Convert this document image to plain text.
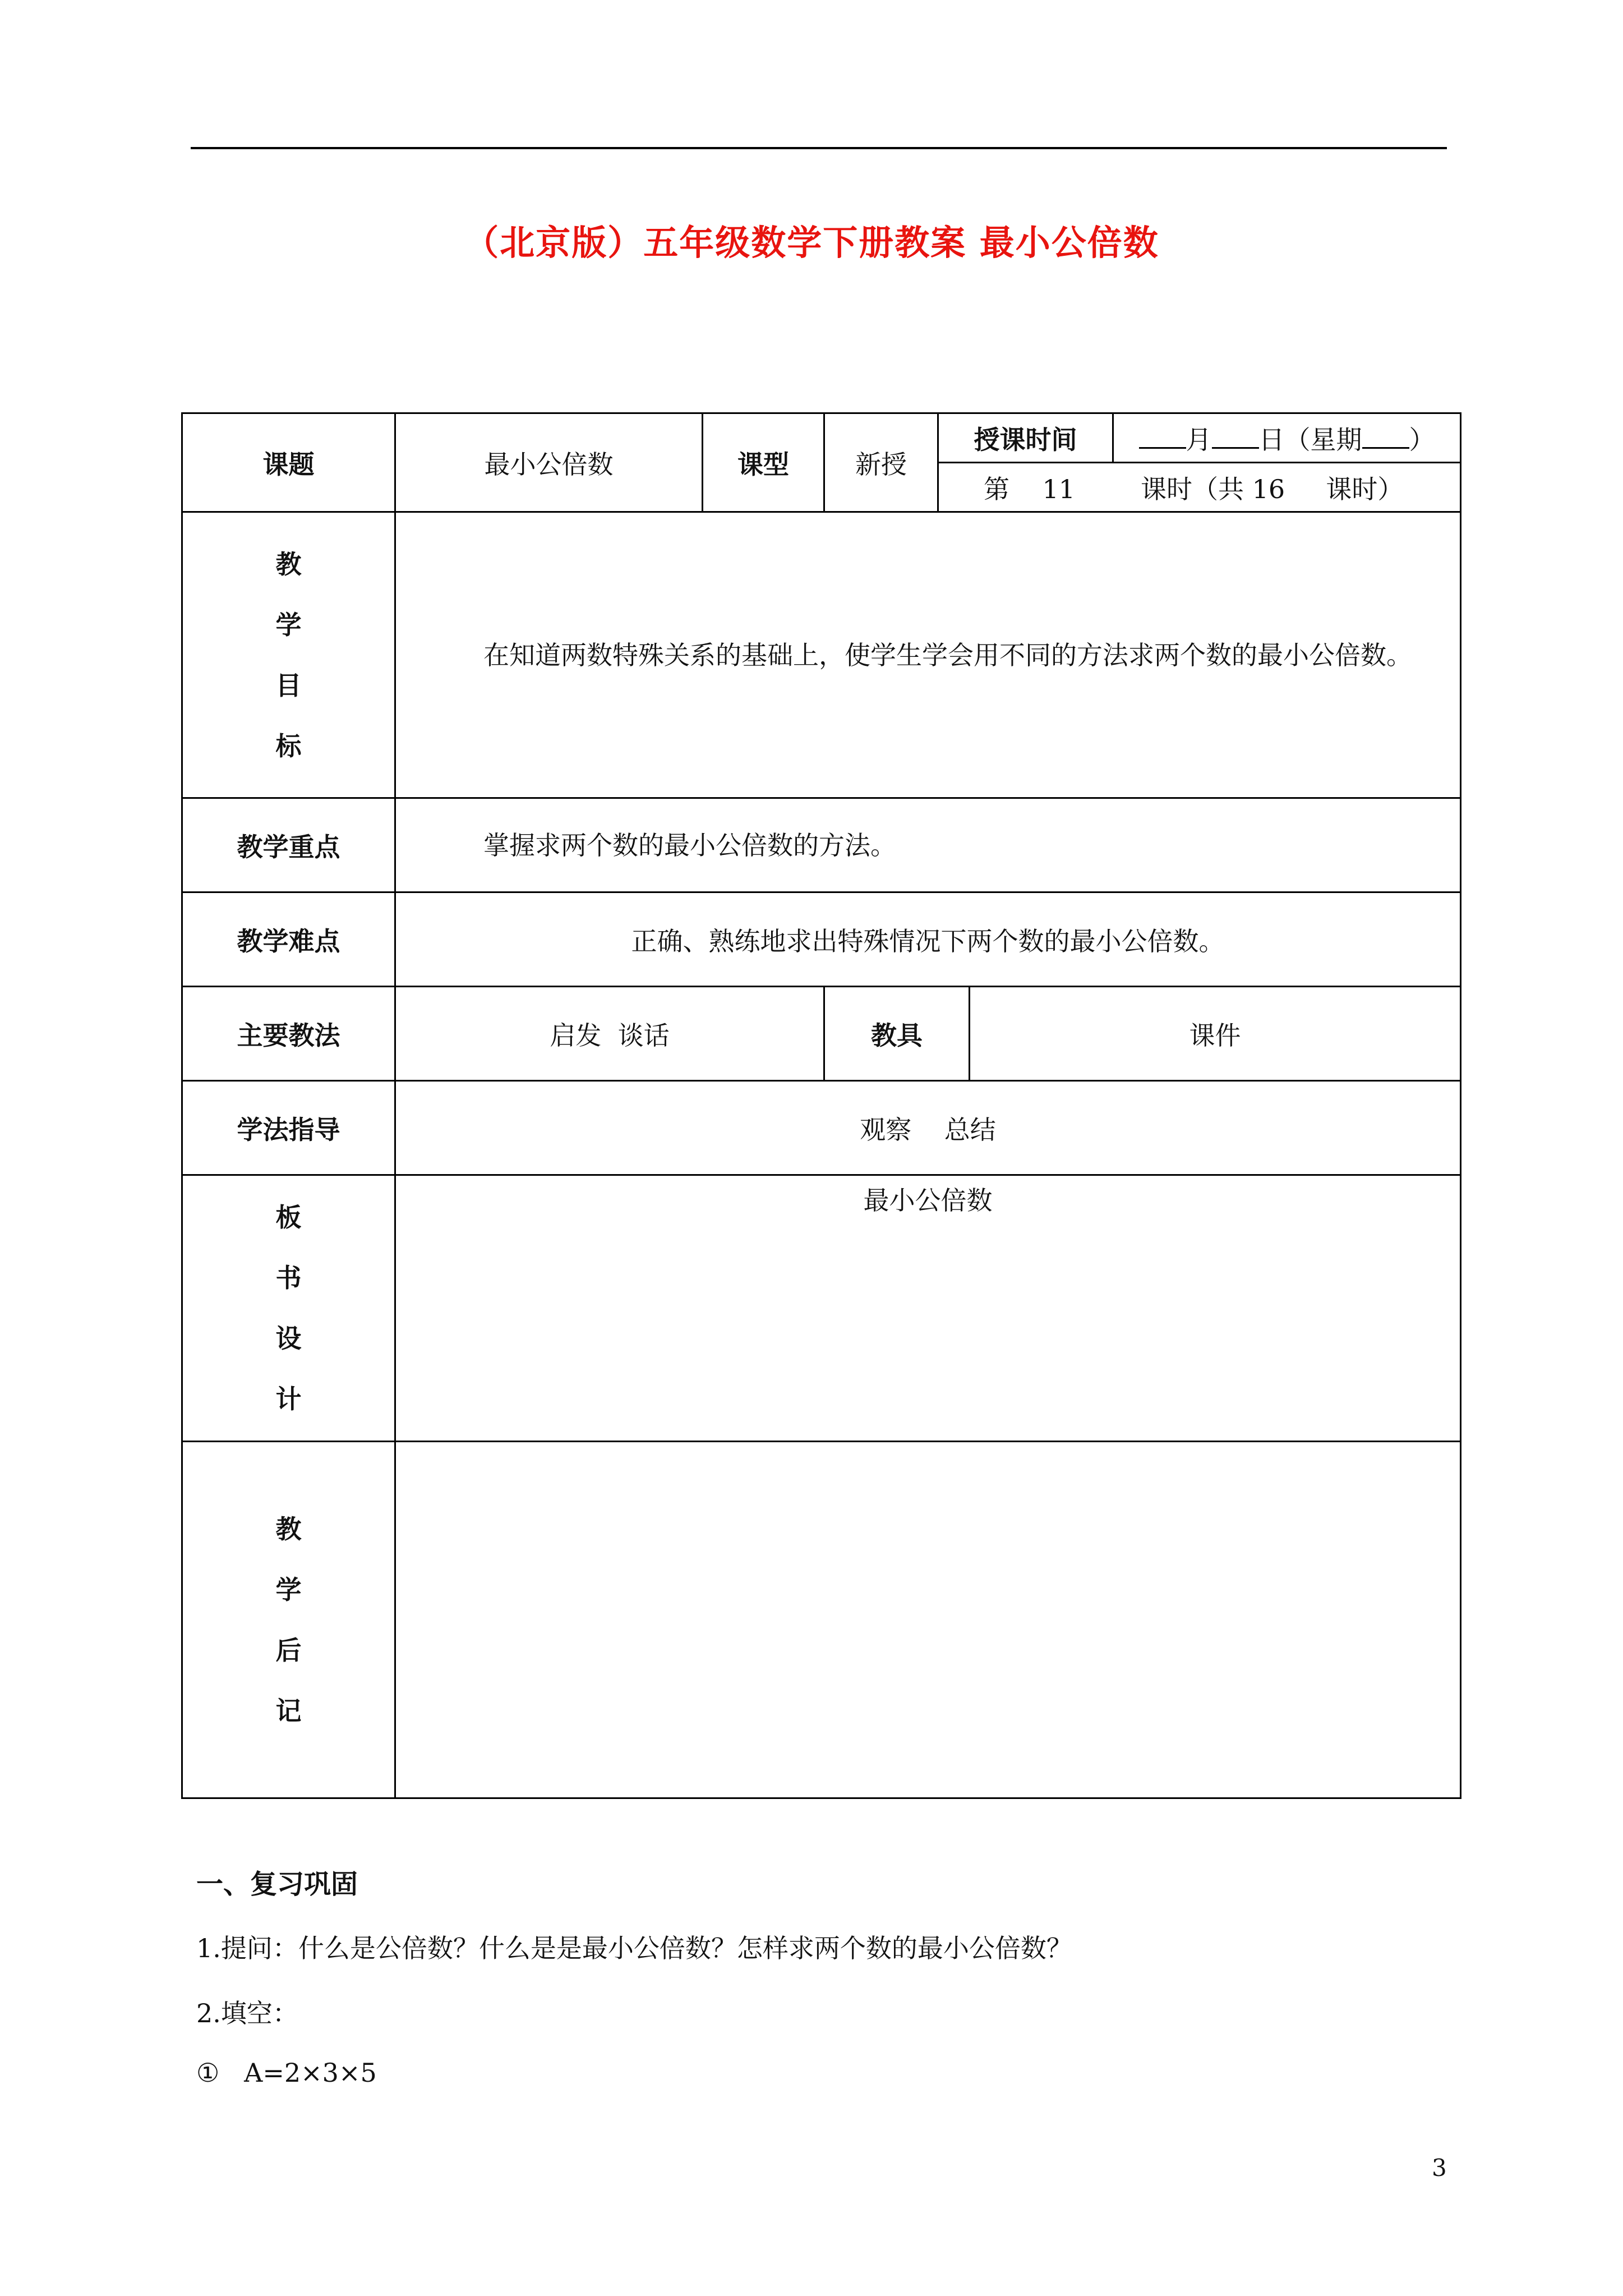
（北京版）五年级数学下册教案 最小公倍数
课题	最小公倍数	课型	新授	授课时间		月 日（星期 ）
				第 11 课时（共 16 课时）		

教
学
目
标	在知道两数特殊关系的基础上，使学生学会用不同的方法求两个数的最小公倍数。					

教学重点	掌握求两个数的最小公倍数的方法。					

教学难点	正确、熟练地求出特殊情况下两个数的最小公倍数。					
主要教法	启发  谈话		教具		课件	
学法指导	观察    总结					

板
书
设
计	最小公倍数					

教
学
后
记						

一、复习巩固
1.提问：什么是公倍数？什么是是最小公倍数？怎样求两个数的最小公倍数？
2.填空：
①   A=2×3×5
3
